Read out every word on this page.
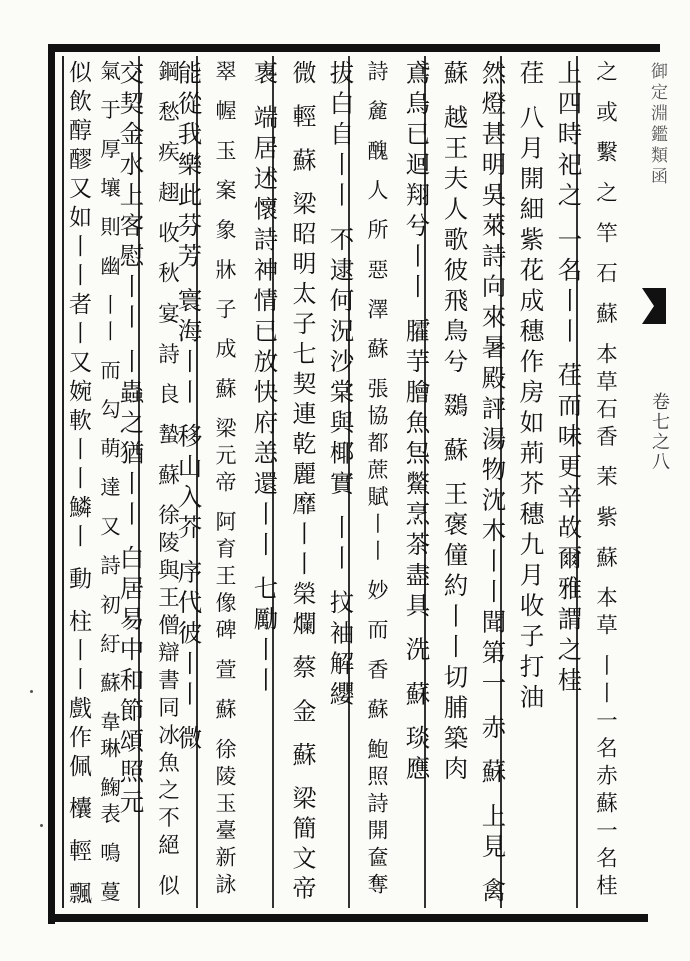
御定淵鑑類函
卷七之八
之 或 繫 之 竿 石 蘇 本草石香 茉 紫 蘇 本草 丨丨一名赤蘇一名桂
上四時祀之 一名丨丨 荏而味更辛故爾雅謂之桂
荏 八月開細紫花成穗作房如荊芥穗九月收子打油
然燈甚明吳萊詩向來暑殿評湯物沈木丨丨聞第一 赤 蘇 上見 禽
蘇 越王夫人歌彼飛鳥兮 鵽 蘇 王褒僮約丨丨切脯築肉
鳶烏已迴翔兮丨丨 臛芋膾魚炰鱉烹茶盡具 洗 蘇 琰應
詩 麄 醜 人 所 惡 澤 蘇 張協都蔗賦丨丨 妙 而 香 蘇 鮑照詩開奩奪
拔白自丨丨 不逮何況沙棠與椰實 丨丨 抆袖解纓
微 輕 蘇 梁昭明太子七契連乾麗靡丨丨榮爛 蔡 金 蘇 梁簡文帝
褢 端居述懷詩神情已放快府恙還丨丨 七勵丨丨
翠 幄 玉 案 象 牀 子 成 蘇 梁元帝 阿育王像碑 萱 蘇 徐陵玉臺新詠
能從我樂此芬芳 寰海丨丨 移山入芥 序代彼丨丨 微
鋼 愁 疾 趐 收 秋 宴 詩 良 蟄 蘇 徐陵與王僧辯書同冰魚之不絕 似
交契金水上客慰丨丨 丨蟲之猶丨丨 白居易中和節頌照元
氣 于 厚 壤 則 幽 丨丨 而 勾 萌 達 又 詩 初 紆 蘇 韋琳 䱡表 鳴 蔓
似飲醇醪又如丨丨者丨又婉軟丨丨鱗丨 動 柱丨丨戲作佩 欜 輕 飄
